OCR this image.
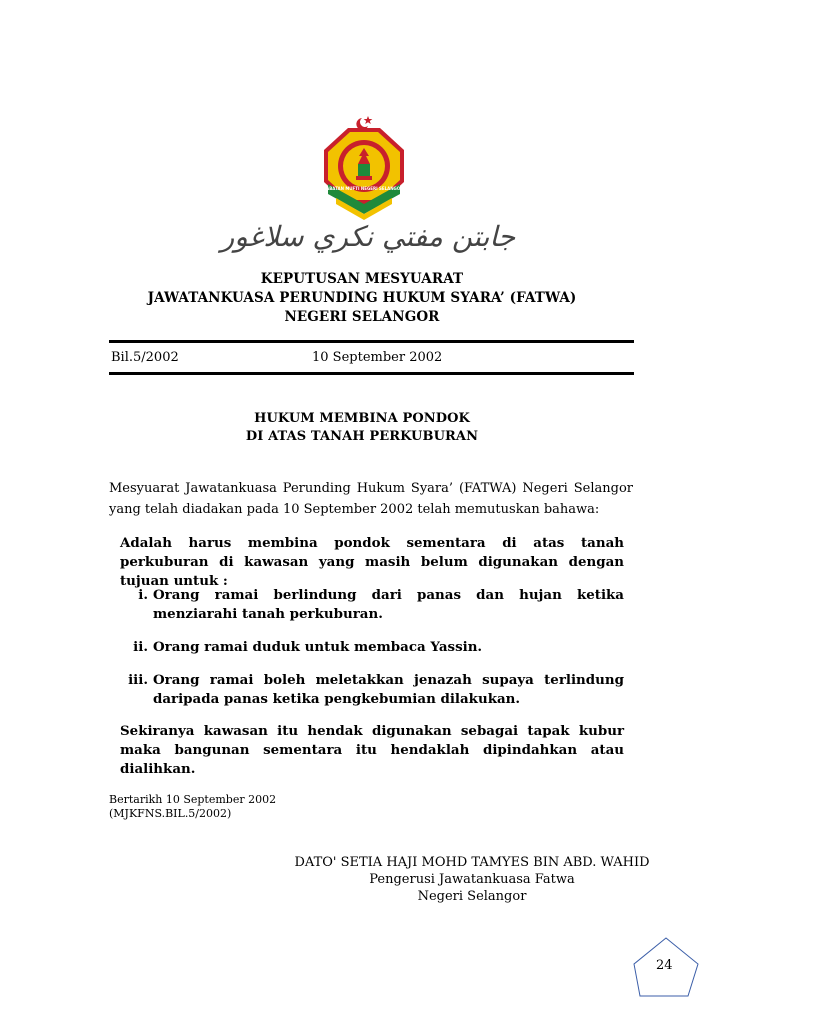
JABATAN MUFTI NEGERI SELANGOR
جابتن مفتي نكري سلاغور
KEPUTUSAN MESYUARAT
JAWATANKUASA PERUNDING HUKUM SYARA’ (FATWA)
NEGERI SELANGOR
Bil.5/2002	10 September 2002
HUKUM MEMBINA PONDOK
DI ATAS TANAH PERKUBURAN
Mesyuarat Jawatankuasa Perunding Hukum Syara’ (FATWA) Negeri Selangor yang telah diadakan pada 10 September 2002 telah memutuskan bahawa:
Adalah harus membina pondok sementara di atas tanah perkuburan di kawasan yang masih belum digunakan dengan tujuan untuk :
i. Orang ramai berlindung dari panas dan hujan ketika menziarahi tanah perkuburan.
ii. Orang ramai duduk untuk membaca Yassin.
iii. Orang ramai boleh meletakkan jenazah supaya terlindung daripada panas ketika pengkebumian dilakukan.
Sekiranya kawasan itu hendak digunakan sebagai tapak kubur maka bangunan sementara itu hendaklah dipindahkan atau dialihkan.
Bertarikh 10 September 2002
(MJKFNS.BIL.5/2002)
DATO' SETIA HAJI MOHD TAMYES BIN ABD. WAHID
Pengerusi Jawatankuasa Fatwa
Negeri Selangor
24
